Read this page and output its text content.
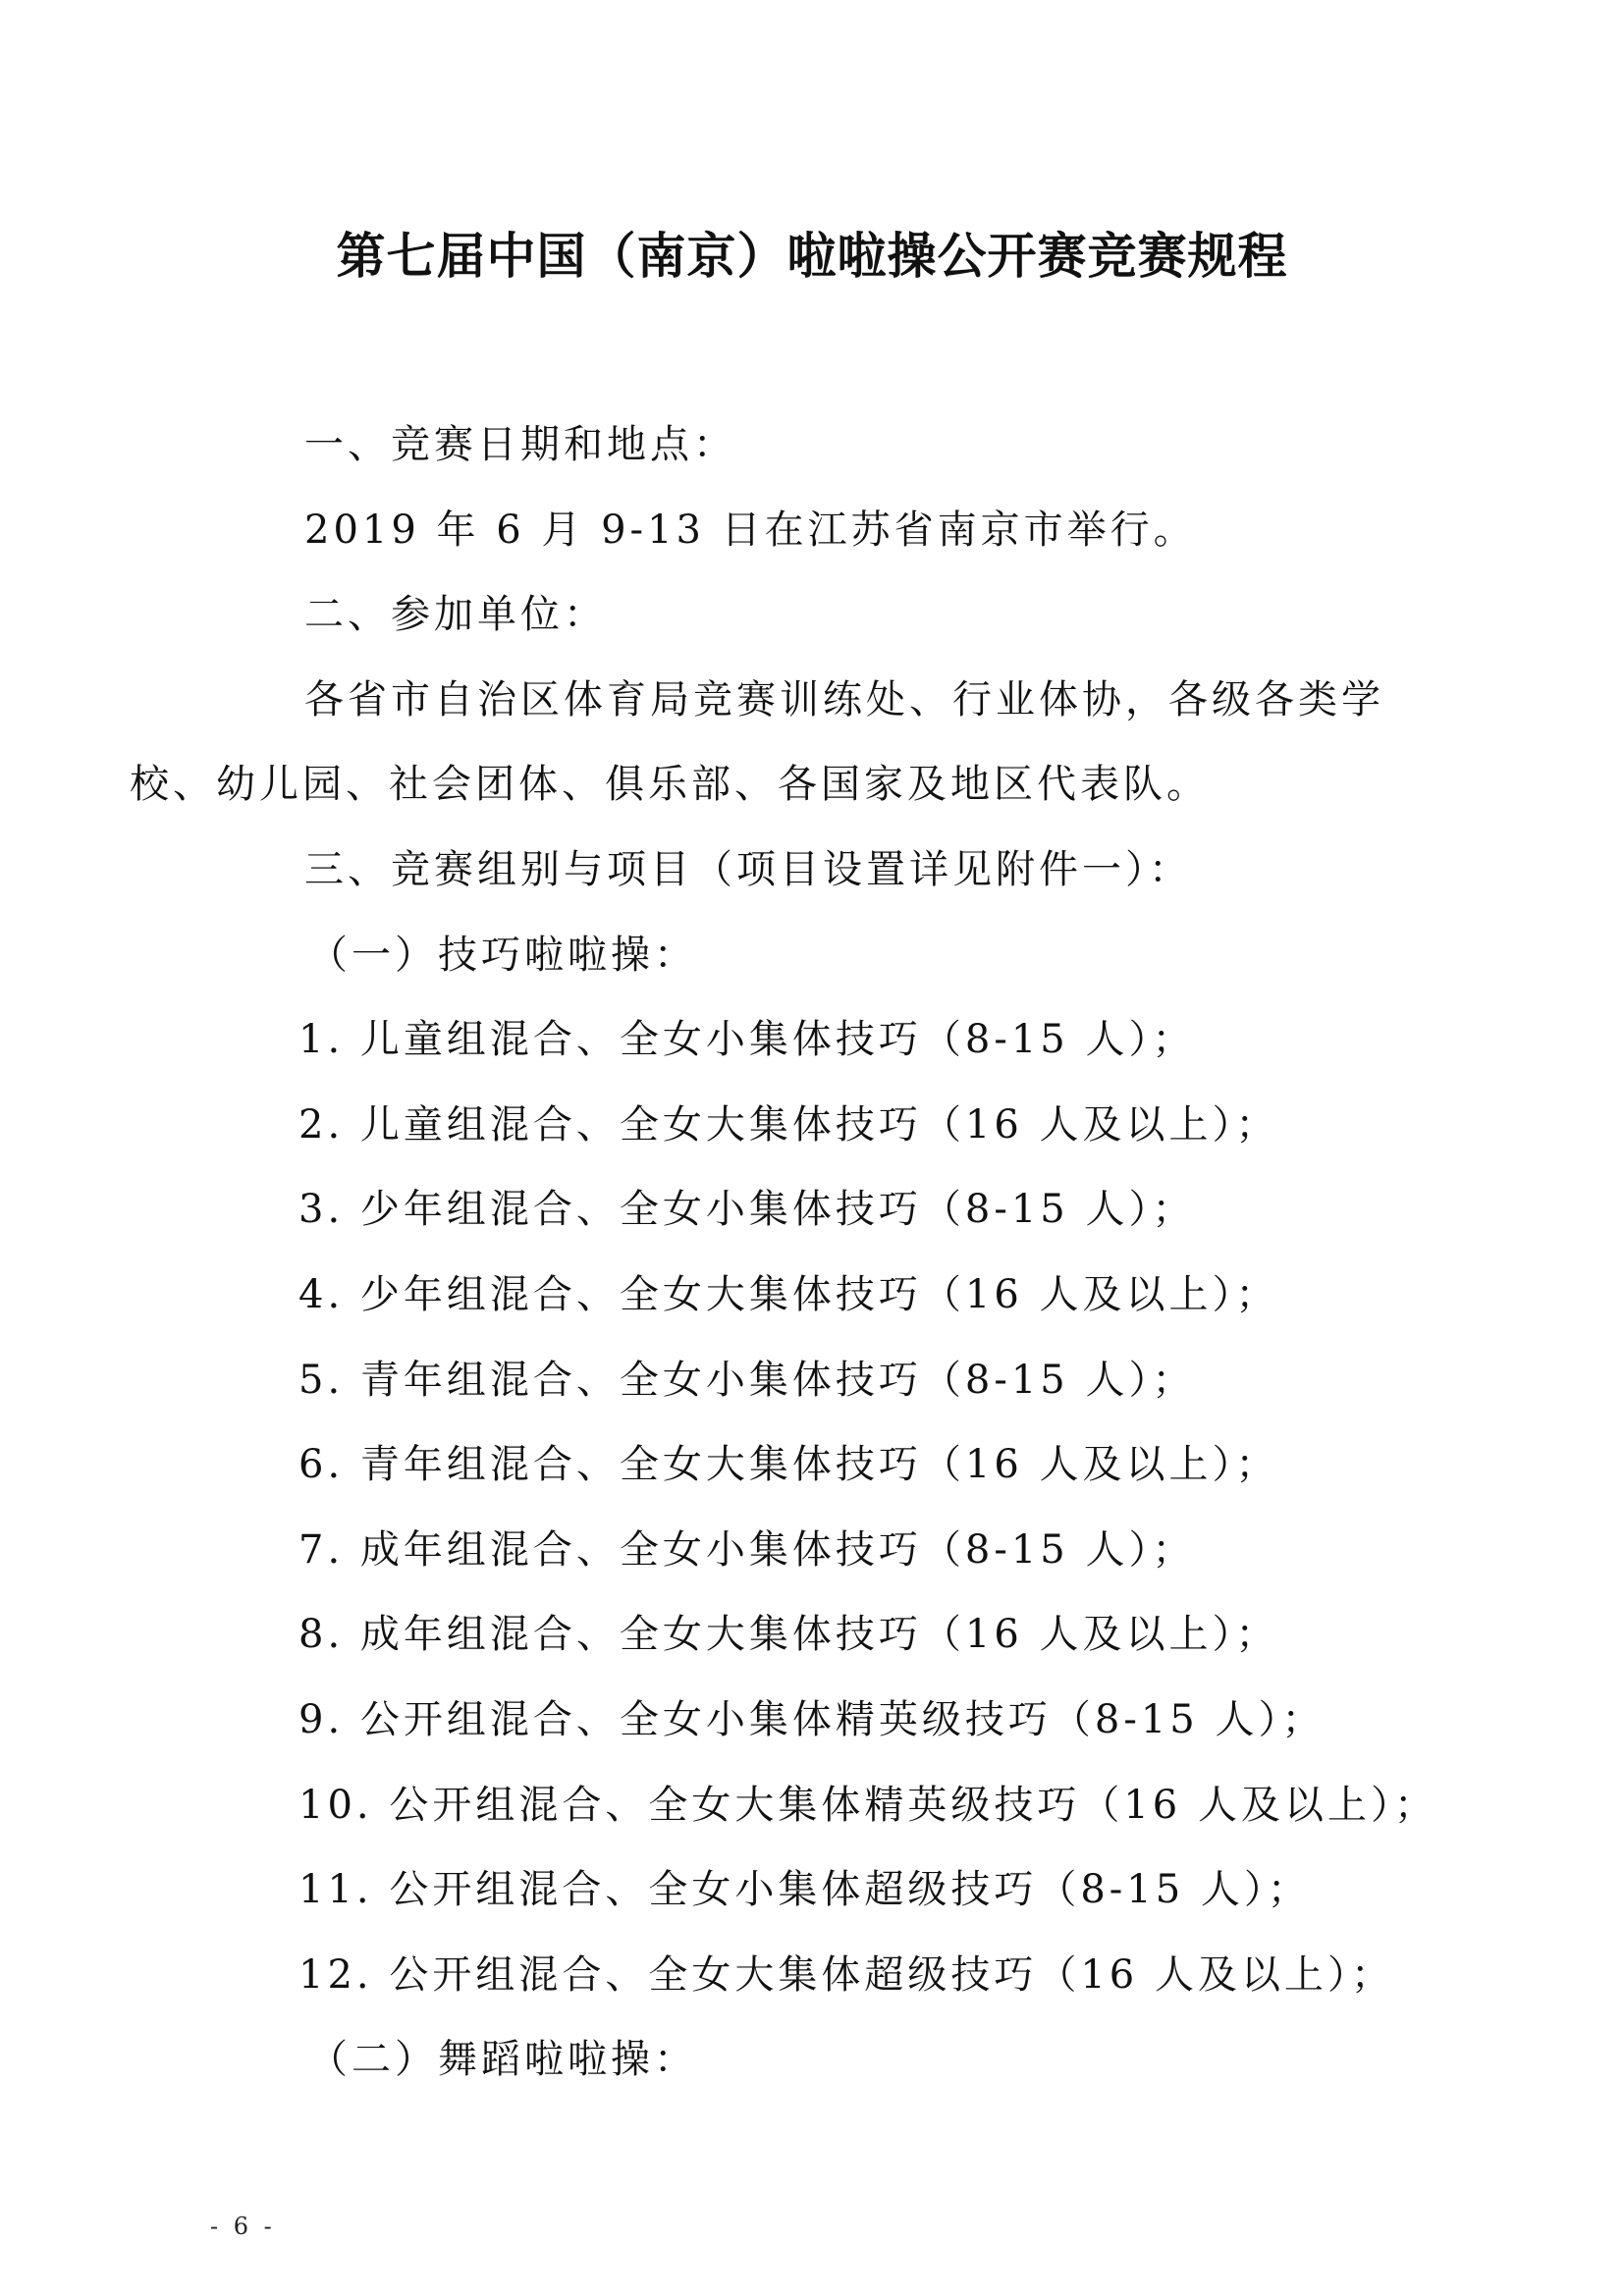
第七届中国（南京）啦啦操公开赛竞赛规程
一、竞赛日期和地点：
2019 年 6 月 9-13 日在江苏省南京市举行。
二、参加单位：
各省市自治区体育局竞赛训练处、行业体协，各级各类学
校、幼儿园、社会团体、俱乐部、各国家及地区代表队。
三、竞赛组别与项目（项目设置详见附件一）：
（一）技巧啦啦操：
1. 儿童组混合、全女小集体技巧（8-15 人）；
2. 儿童组混合、全女大集体技巧（16 人及以上）；
3. 少年组混合、全女小集体技巧（8-15 人）；
4. 少年组混合、全女大集体技巧（16 人及以上）；
5. 青年组混合、全女小集体技巧（8-15 人）；
6. 青年组混合、全女大集体技巧（16 人及以上）；
7. 成年组混合、全女小集体技巧（8-15 人）；
8. 成年组混合、全女大集体技巧（16 人及以上）；
9. 公开组混合、全女小集体精英级技巧（8-15 人）；
10. 公开组混合、全女大集体精英级技巧（16 人及以上）；
11. 公开组混合、全女小集体超级技巧（8-15 人）；
12. 公开组混合、全女大集体超级技巧（16 人及以上）；
（二）舞蹈啦啦操：
- 6 -
